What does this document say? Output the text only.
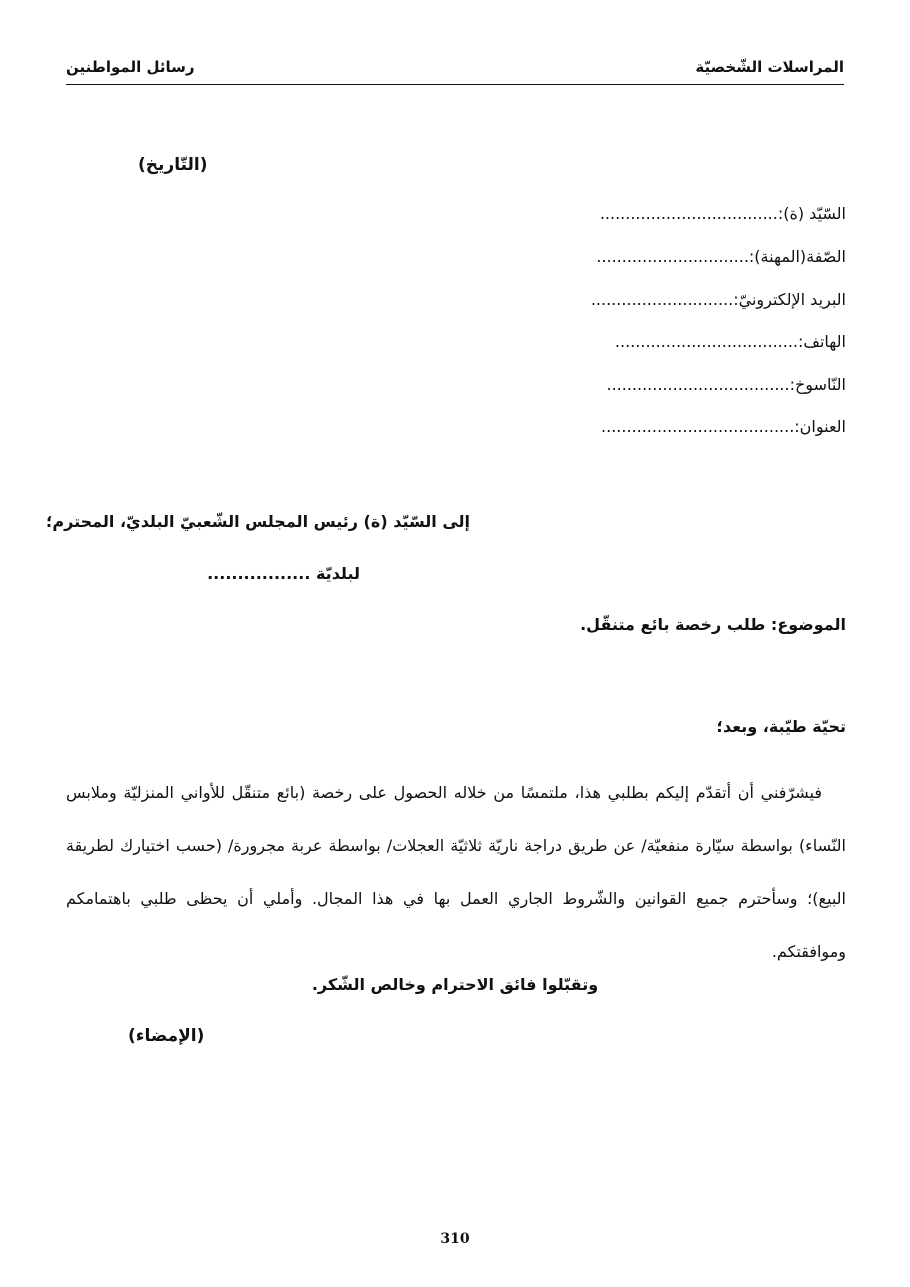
المراسلات الشّخصيّة
رسائل المواطنين
(التّاريخ)
السّيّد (ة):...................................
الصّفة(المهنة):..............................
البريد الإلكترونيّ:............................
الهاتف:....................................
النّاسوخ:....................................
العنوان:......................................
إلى السّيّد (ة) رئيس المجلس الشّعبيّ البلديّ، المحترم؛
لبلديّة .................
الموضوع: طلب رخصة بائع متنقّل.
تحيّة طيّبة، وبعد؛
فيشرّفني أن أتقدّم إليكم بطلبي هذا، ملتمسًا من خلاله الحصول على رخصة (بائع متنقّل للأواني المنزليّة وملابس النّساء) بواسطة سيّارة منفعيّة/ عن طريق دراجة ناريّة ثلاثيّة العجلات/ بواسطة عربة مجرورة/ (حسب اختيارك لطريقة البيع)؛ وسأحترم جميع القوانين والشّروط الجاري العمل بها في هذا المجال. وأملي أن يحظى طلبي باهتمامكم وموافقتكم.
وتقبّلوا فائق الاحترام وخالص الشّكر.
(الإمضاء)
310
